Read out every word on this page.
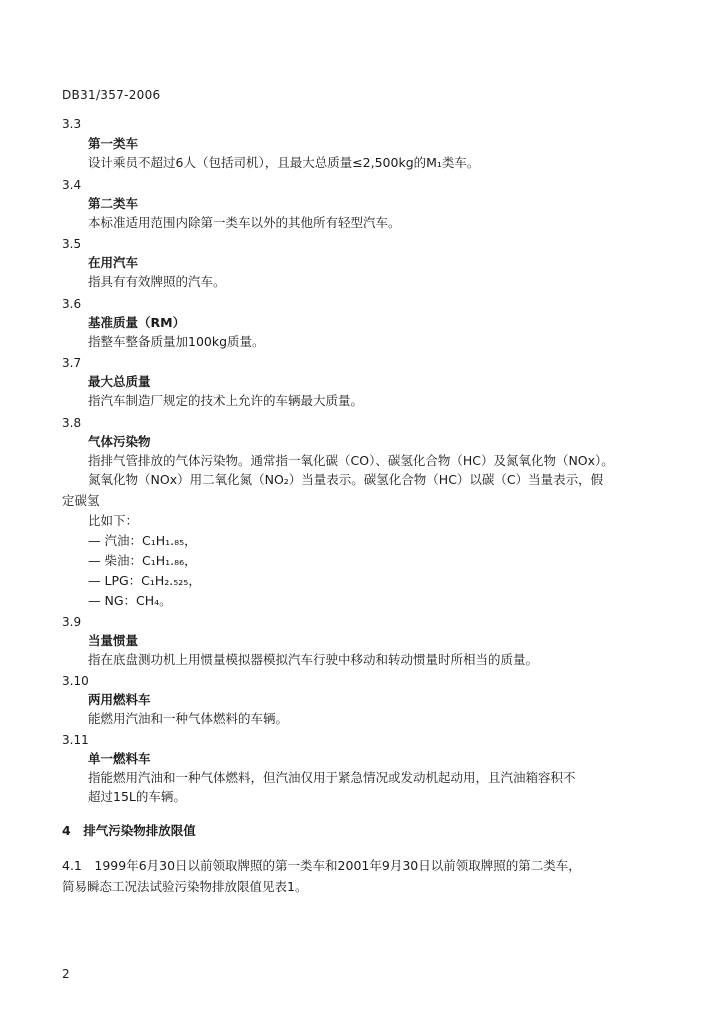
DB31/357-2006
3.3
第一类车
设计乘员不超过6人（包括司机），且最大总质量≤2,500kg的M₁类车。
3.4
第二类车
本标准适用范围内除第一类车以外的其他所有轻型汽车。
3.5
在用汽车
指具有有效牌照的汽车。
3.6
基准质量（RM）
指整车整备质量加100kg质量。
3.7
最大总质量
指汽车制造厂规定的技术上允许的车辆最大质量。
3.8
气体污染物
指排气管排放的气体污染物。通常指一氧化碳（CO）、碳氢化合物（HC）及氮氧化物（NOx）。
氮氧化物（NOx）用二氧化氮（NO₂）当量表示。碳氢化合物（HC）以碳（C）当量表示，假
定碳氢
比如下：
— 汽油：C₁H₁.₈₅，
— 柴油：C₁H₁.₈₆，
— LPG：C₁H₂.₅₂₅，
— NG：CH₄。
3.9
当量惯量
指在底盘测功机上用惯量模拟器模拟汽车行驶中移动和转动惯量时所相当的质量。
3.10
两用燃料车
能燃用汽油和一种气体燃料的车辆。
3.11
单一燃料车
指能燃用汽油和一种气体燃料，但汽油仅用于紧急情况或发动机起动用，且汽油箱容积不
超过15L的车辆。
4　排气污染物排放限值
4.1　1999年6月30日以前领取牌照的第一类车和2001年9月30日以前领取牌照的第二类车，
简易瞬态工况法试验污染物排放限值见表1。
2
